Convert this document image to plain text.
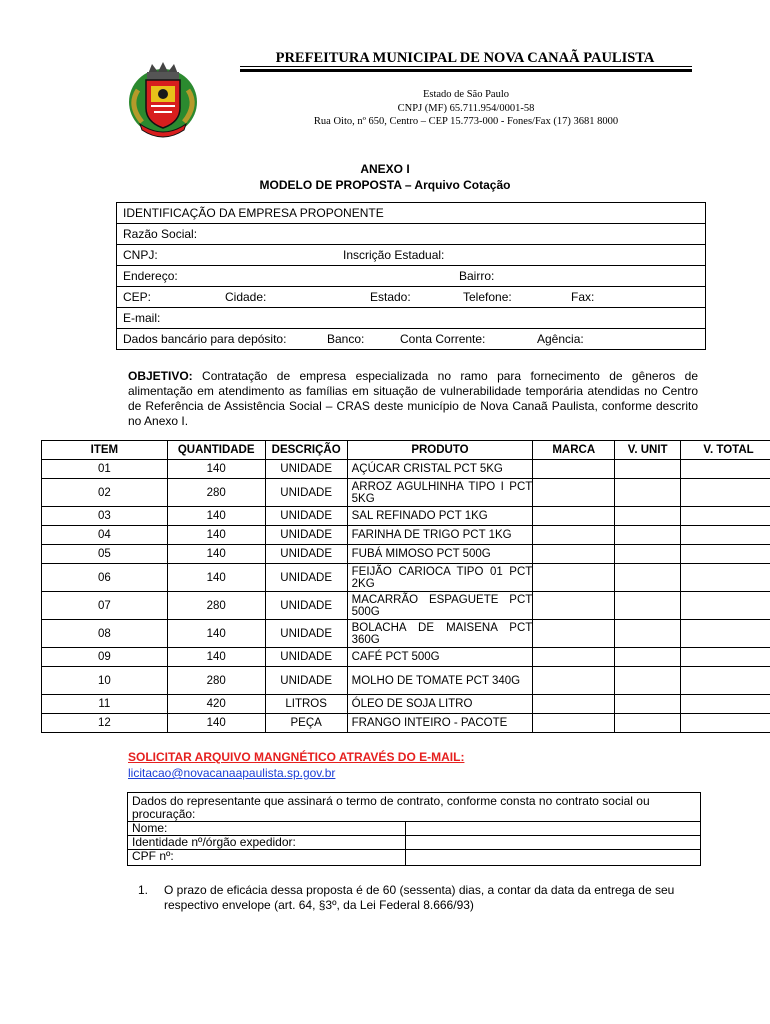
PREFEITURA MUNICIPAL DE NOVA CANAÃ PAULISTA
Estado de São Paulo
CNPJ (MF) 65.711.954/0001-58
Rua Oito, nº 650, Centro – CEP 15.773-000 - Fones/Fax (17) 3681 8000
ANEXO I
MODELO DE PROPOSTA – Arquivo Cotação
IDENTIFICAÇÃO DA EMPRESA PROPONENTE

Razão Social:

CNPJ:	Inscrição Estadual:

Endereço:	Bairro:

CEP:	Cidade:	Estado:	Telefone:	Fax:

E-mail:

Dados bancário para depósito:	Banco:	Conta Corrente:	Agência:
OBJETIVO: Contratação de empresa especializada no ramo para fornecimento de gêneros de alimentação em atendimento as famílias em situação de vulnerabilidade temporária atendidas no Centro de Referência de Assistência Social – CRAS deste município de Nova Canaã Paulista, conforme descrito no Anexo I.
ITEM	QUANTIDADE	DESCRIÇÃO	PRODUTO	MARCA	V. UNIT	V. TOTAL
01	140	UNIDADE	AÇÚCAR CRISTAL PCT 5KG			
02	280	UNIDADE	ARROZ AGULHINHA TIPO I PCT 5KG			
03	140	UNIDADE	SAL REFINADO PCT 1KG			
04	140	UNIDADE	FARINHA DE TRIGO PCT 1KG			
05	140	UNIDADE	FUBÁ MIMOSO PCT 500G			
06	140	UNIDADE	FEIJÃO CARIOCA TIPO 01 PCT 2KG			
07	280	UNIDADE	MACARRÃO ESPAGUETE PCT 500G			
08	140	UNIDADE	BOLACHA DE MAISENA PCT 360G			
09	140	UNIDADE	CAFÉ PCT 500G			
10	280	UNIDADE	MOLHO DE TOMATE PCT 340G			
11	420	LITROS	ÓLEO DE SOJA LITRO			
12	140	PEÇA	FRANGO INTEIRO - PACOTE			
SOLICITAR ARQUIVO MANGNÉTICO ATRAVÉS DO E-MAIL:
licitacao@novacanaapaulista.sp.gov.br
Dados do representante que assinará o termo de contrato, conforme consta no contrato social ou procuração:	
Nome:	
Identidade nº/órgão expedidor:	
CPF nº:	
1.	O prazo de eficácia dessa proposta é de 60 (sessenta) dias, a contar da data da entrega de seu respectivo envelope (art. 64, §3º, da Lei Federal 8.666/93)
